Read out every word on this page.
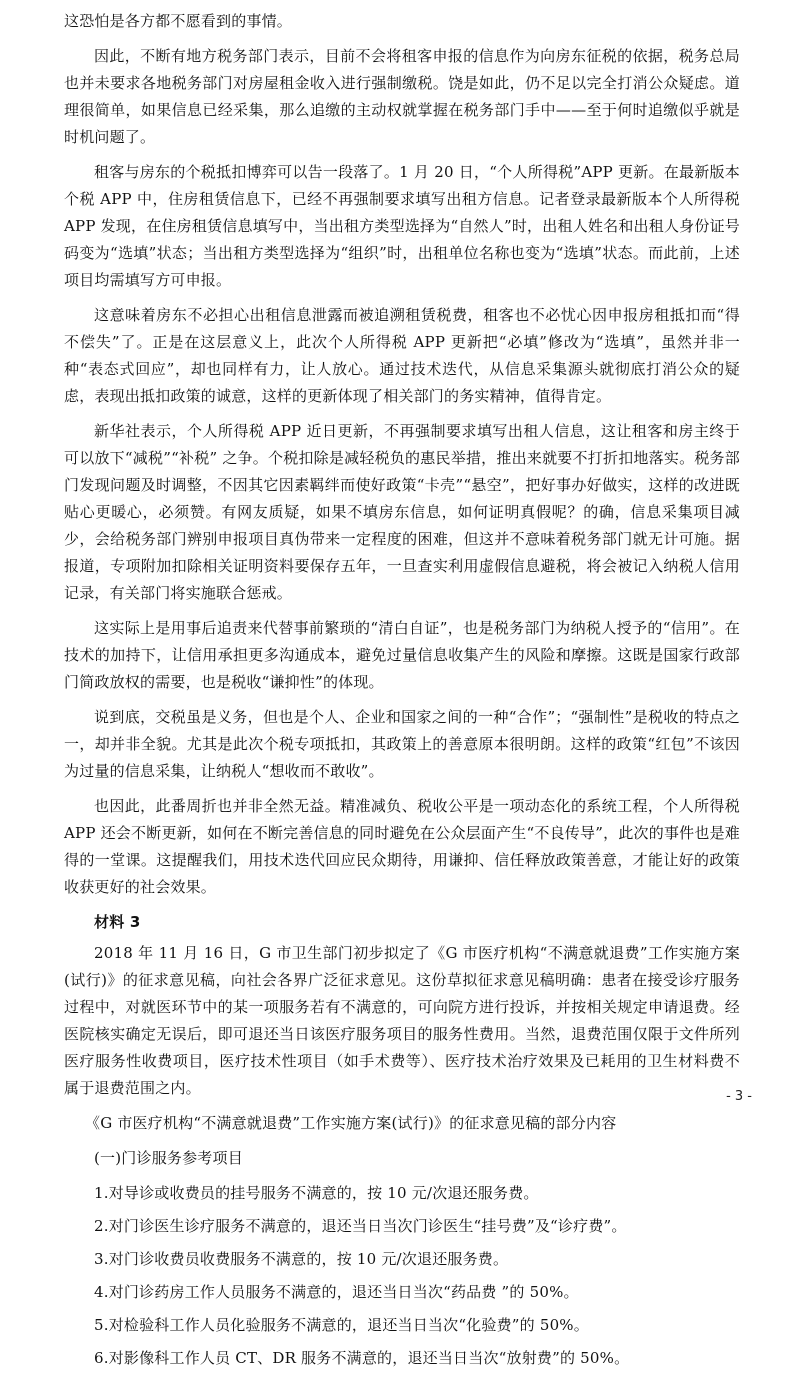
这恐怕是各方都不愿看到的事情。

因此，不断有地方税务部门表示，目前不会将租客申报的信息作为向房东征税的依据，税务总局也并未要求各地税务部门对房屋租金收入进行强制缴税。饶是如此，仍不足以完全打消公众疑虑。道理很简单，如果信息已经采集，那么追缴的主动权就掌握在税务部门手中——至于何时追缴似乎就是时机问题了。

租客与房东的个税抵扣博弈可以告一段落了。1 月 20 日，“个人所得税”APP 更新。在最新版本个税 APP 中，住房租赁信息下，已经不再强制要求填写出租方信息。记者登录最新版本个人所得税 APP 发现，在住房租赁信息填写中，当出租方类型选择为“自然人”时，出租人姓名和出租人身份证号码变为“选填”状态；当出租方类型选择为“组织”时，出租单位名称也变为“选填”状态。而此前，上述项目均需填写方可申报。

这意味着房东不必担心出租信息泄露而被追溯租赁税费，租客也不必忧心因申报房租抵扣而“得不偿失”了。正是在这层意义上，此次个人所得税 APP 更新把“必填”修改为“选填”，虽然并非一种“表态式回应”，却也同样有力，让人放心。通过技术迭代，从信息采集源头就彻底打消公众的疑虑，表现出抵扣政策的诚意，这样的更新体现了相关部门的务实精神，值得肯定。

新华社表示，个人所得税 APP 近日更新，不再强制要求填写出租人信息，这让租客和房主终于可以放下“减税”“补税” 之争。个税扣除是减轻税负的惠民举措，推出来就要不打折扣地落实。税务部门发现问题及时调整，不因其它因素羁绊而使好政策“卡壳”“悬空”，把好事办好做实，这样的改进既贴心更暖心，必须赞。有网友质疑，如果不填房东信息，如何证明真假呢？的确，信息采集项目减少，会给税务部门辨别申报项目真伪带来一定程度的困难，但这并不意味着税务部门就无计可施。据报道，专项附加扣除相关证明资料要保存五年，一旦查实利用虚假信息避税，将会被记入纳税人信用记录，有关部门将实施联合惩戒。

这实际上是用事后追责来代替事前繁琐的“清白自证”，也是税务部门为纳税人授予的“信用”。在技术的加持下，让信用承担更多沟通成本，避免过量信息收集产生的风险和摩擦。这既是国家行政部门简政放权的需要，也是税收“谦抑性”的体现。

说到底，交税虽是义务，但也是个人、企业和国家之间的一种“合作”；“强制性”是税收的特点之一，却并非全貌。尤其是此次个税专项抵扣，其政策上的善意原本很明朗。这样的政策“红包”不该因为过量的信息采集，让纳税人“想收而不敢收”。

也因此，此番周折也并非全然无益。精准减负、税收公平是一项动态化的系统工程，个人所得税 APP 还会不断更新，如何在不断完善信息的同时避免在公众层面产生“不良传导”，此次的事件也是难得的一堂课。这提醒我们，用技术迭代回应民众期待，用谦抑、信任释放政策善意，才能让好的政策收获更好的社会效果。

材料 3

2018 年 11 月 16 日，G 市卫生部门初步拟定了《G 市医疗机构“不满意就退费”工作实施方案(试行)》的征求意见稿，向社会各界广泛征求意见。这份草拟征求意见稿明确：患者在接受诊疗服务过程中，对就医环节中的某一项服务若有不满意的，可向院方进行投诉，并按相关规定申请退费。经医院核实确定无误后，即可退还当日该医疗服务项目的服务性费用。当然，退费范围仅限于文件所列医疗服务性收费项目，医疗技术性项目（如手术费等）、医疗技术治疗效果及已耗用的卫生材料费不属于退费范围之内。

《G 市医疗机构“不满意就退费”工作实施方案(试行)》的征求意见稿的部分内容

(一)门诊服务参考项目

1.对导诊或收费员的挂号服务不满意的，按 10 元/次退还服务费。

2.对门诊医生诊疗服务不满意的，退还当日当次门诊医生“挂号费”及“诊疗费”。

3.对门诊收费员收费服务不满意的，按 10 元/次退还服务费。

4.对门诊药房工作人员服务不满意的，退还当日当次“药品费 ”的 50%。

5.对检验科工作人员化验服务不满意的，退还当日当次“化验费”的 50%。

6.对影像科工作人员 CT、DR 服务不满意的，退还当日当次“放射费”的 50%。

- 3 -
